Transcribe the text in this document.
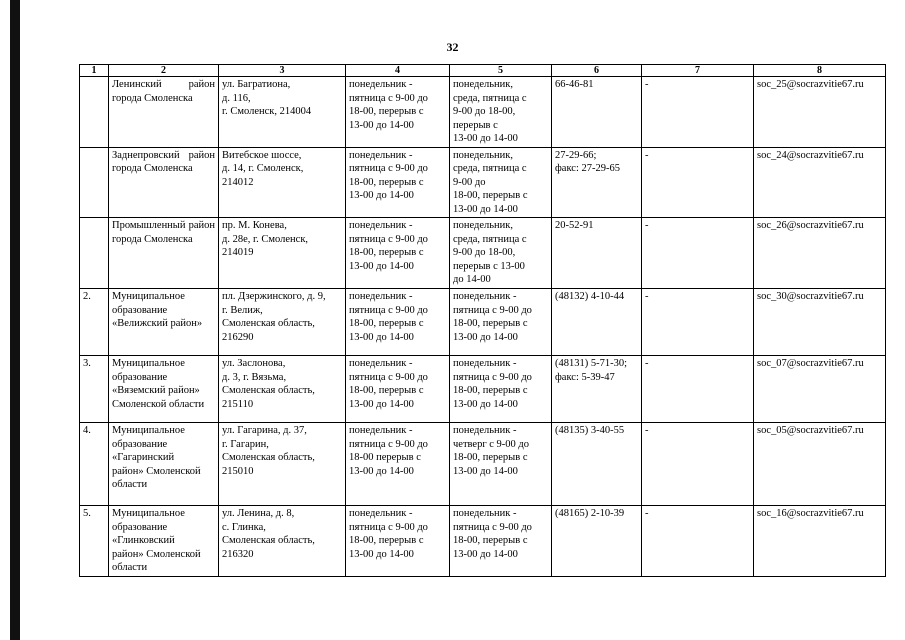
32
1	2	3	4	5	6	7	8
	Ленинский район города Смоленска	ул. Багратиона,
д. 116,
г. Смоленск, 214004	понедельник -
пятница с 9-00 до
18-00, перерыв с
13-00 до 14-00	понедельник,
среда, пятница с
9-00 до 18-00,
перерыв с
13-00 до 14-00	66-46-81	-	soc_25@socrazvitie67.ru
	Заднепровский район города Смоленска	Витебское шоссе,
д. 14, г. Смоленск,
214012	понедельник -
пятница с 9-00 до
18-00, перерыв с
13-00 до 14-00	понедельник,
среда, пятница с
9-00 до
18-00, перерыв с
13-00 до 14-00	27-29-66;
факс: 27-29-65	-	soc_24@socrazvitie67.ru
	Промышленный район города Смоленска	пр. М. Конева,
д. 28е, г. Смоленск,
214019	понедельник -
пятница с 9-00 до
18-00, перерыв с
13-00 до 14-00	понедельник,
среда, пятница с
9-00 до 18-00,
перерыв с 13-00
до 14-00	20-52-91	-	soc_26@socrazvitie67.ru
2.	Муниципальное
образование
«Велижский район»	пл. Дзержинского, д. 9,
г. Велиж,
Смоленская область,
216290	понедельник -
пятница с 9-00 до
18-00, перерыв с
13-00 до 14-00	понедельник -
пятница с 9-00 до
18-00, перерыв с
13-00 до 14-00	(48132) 4-10-44	-	soc_30@socrazvitie67.ru
3.	Муниципальное
образование
«Вяземский район»
Смоленской области	ул. Заслонова,
д. 3, г. Вязьма,
Смоленская область,
215110	понедельник -
пятница с 9-00 до
18-00, перерыв с
13-00 до 14-00	понедельник -
пятница с 9-00 до
18-00, перерыв с
13-00 до 14-00	(48131) 5-71-30;
факс: 5-39-47	-	soc_07@socrazvitie67.ru
4.	Муниципальное
образование
«Гагаринский
район» Смоленской
области	ул. Гагарина, д. 37,
г. Гагарин,
Смоленская область,
215010	понедельник -
пятница с 9-00 до
18-00 перерыв с
13-00 до 14-00	понедельник -
четверг с 9-00 до
18-00, перерыв с
13-00 до 14-00	(48135) 3-40-55	-	soc_05@socrazvitie67.ru
5.	Муниципальное
образование
«Глинковский
район» Смоленской
области	ул. Ленина, д. 8,
с. Глинка,
Смоленская область,
216320	понедельник -
пятница с 9-00 до
18-00, перерыв с
13-00 до 14-00	понедельник -
пятница с 9-00 до
18-00, перерыв с
13-00 до 14-00	(48165) 2-10-39	-	soc_16@socrazvitie67.ru
